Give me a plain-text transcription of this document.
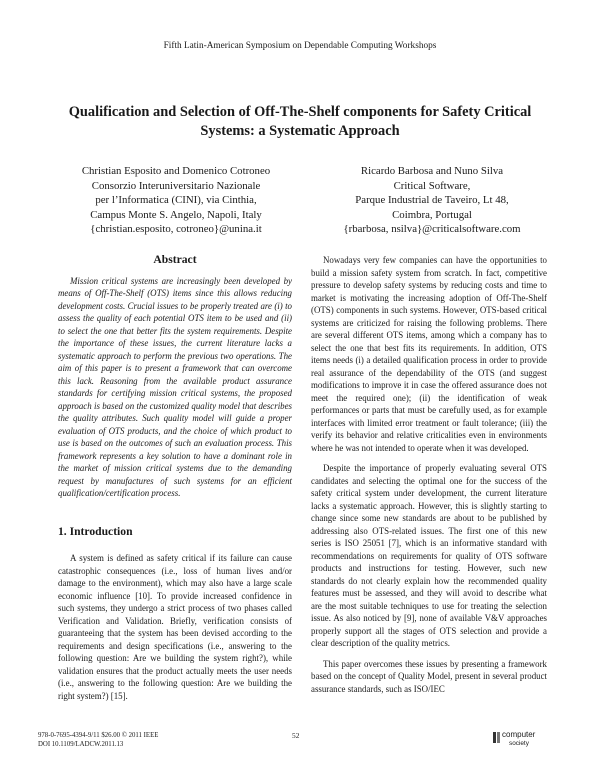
Fifth Latin-American Symposium on Dependable Computing Workshops
Qualification and Selection of Off-The-Shelf components for Safety Critical
Systems: a Systematic Approach
Christian Esposito and Domenico Cotroneo
Consorzio Interuniversitario Nazionale
per l’Informatica (CINI), via Cinthia,
Campus Monte S. Angelo, Napoli, Italy
{christian.esposito, cotroneo}@unina.it
Ricardo Barbosa and Nuno Silva
Critical Software,
Parque Industrial de Taveiro, Lt 48,
Coimbra, Portugal
{rbarbosa, nsilva}@criticalsoftware.com
Abstract

Mission critical systems are increasingly been developed by means of Off-The-Shelf (OTS) items since this allows reducing development costs. Crucial issues to be properly treated are (i) to assess the quality of each potential OTS item to be used and (ii) to select the one that better fits the system requirements. Despite the importance of these issues, the current literature lacks a systematic approach to perform the previous two operations. The aim of this paper is to present a framework that can overcome this lack. Reasoning from the available product assurance standards for certifying mission critical systems, the proposed approach is based on the customized quality model that describes the quality attributes. Such quality model will guide a proper evaluation of OTS products, and the choice of which product to use is based on the outcomes of such an evaluation process. This framework represents a key solution to have a dominant role in the market of mission critical systems due to the demanding request by manufactures of such systems for an efficient qualification/certification process.

1. Introduction

A system is defined as safety critical if its failure can cause catastrophic consequences (i.e., loss of human lives and/or damage to the environment), which may also have a large scale economic influence [10]. To provide increased confidence in such systems, they undergo a strict process of two phases called Verification and Validation. Briefly, verification consists of guaranteeing that the system has been devised according to the requirements and design specifications (i.e., answering to the following question: Are we building the system right?), while validation ensures that the product actually meets the user needs (i.e., answering to the following question: Are we building the right system?) [15].

Nowadays very few companies can have the opportunities to build a mission safety system from scratch. In fact, competitive pressure to develop safety systems by reducing costs and time to market is motivating the increasing adoption of Off-The-Shelf (OTS) components in such systems. However, OTS-based critical systems are criticized for raising the following problems. There are several different OTS items, among which a company has to select the one that best fits its requirements. In addition, OTS items needs (i) a detailed qualification process in order to provide real assurance of the dependability of the OTS (and suggest modifications to improve it in case the offered assurance does not meet the required one); (ii) the identification of weak performances or parts that must be carefully used, as for example interfaces with limited error treatment or fault tolerance; (iii) the verify its behavior and relative criticalities even in environments where he was not intended to operate when it was developed.

Despite the importance of properly evaluating several OTS candidates and selecting the optimal one for the success of the safety critical system under development, the current literature lacks a systematic approach. However, this is slightly starting to change since some new standards are about to be published by addressing also OTS-related issues. The first one of this new series is ISO 25051 [7], which is an informative standard with recommendations on requirements for quality of OTS software products and instructions for testing. However, such new standards do not clearly explain how the recommended quality features must be assessed, and they will avoid to describe what are the most suitable techniques to use for treating the selection issue. As also noticed by [9], none of available V&V approaches properly support all the stages of OTS selection and provide a clear description of the quality metrics.

This paper overcomes these issues by presenting a framework based on the concept of Quality Model, present in several product assurance standards, such as ISO/IEC

978-0-7695-4394-9/11 $26.00 © 2011 IEEE
DOI 10.1109/LADCW.2011.13
52	computer
society
